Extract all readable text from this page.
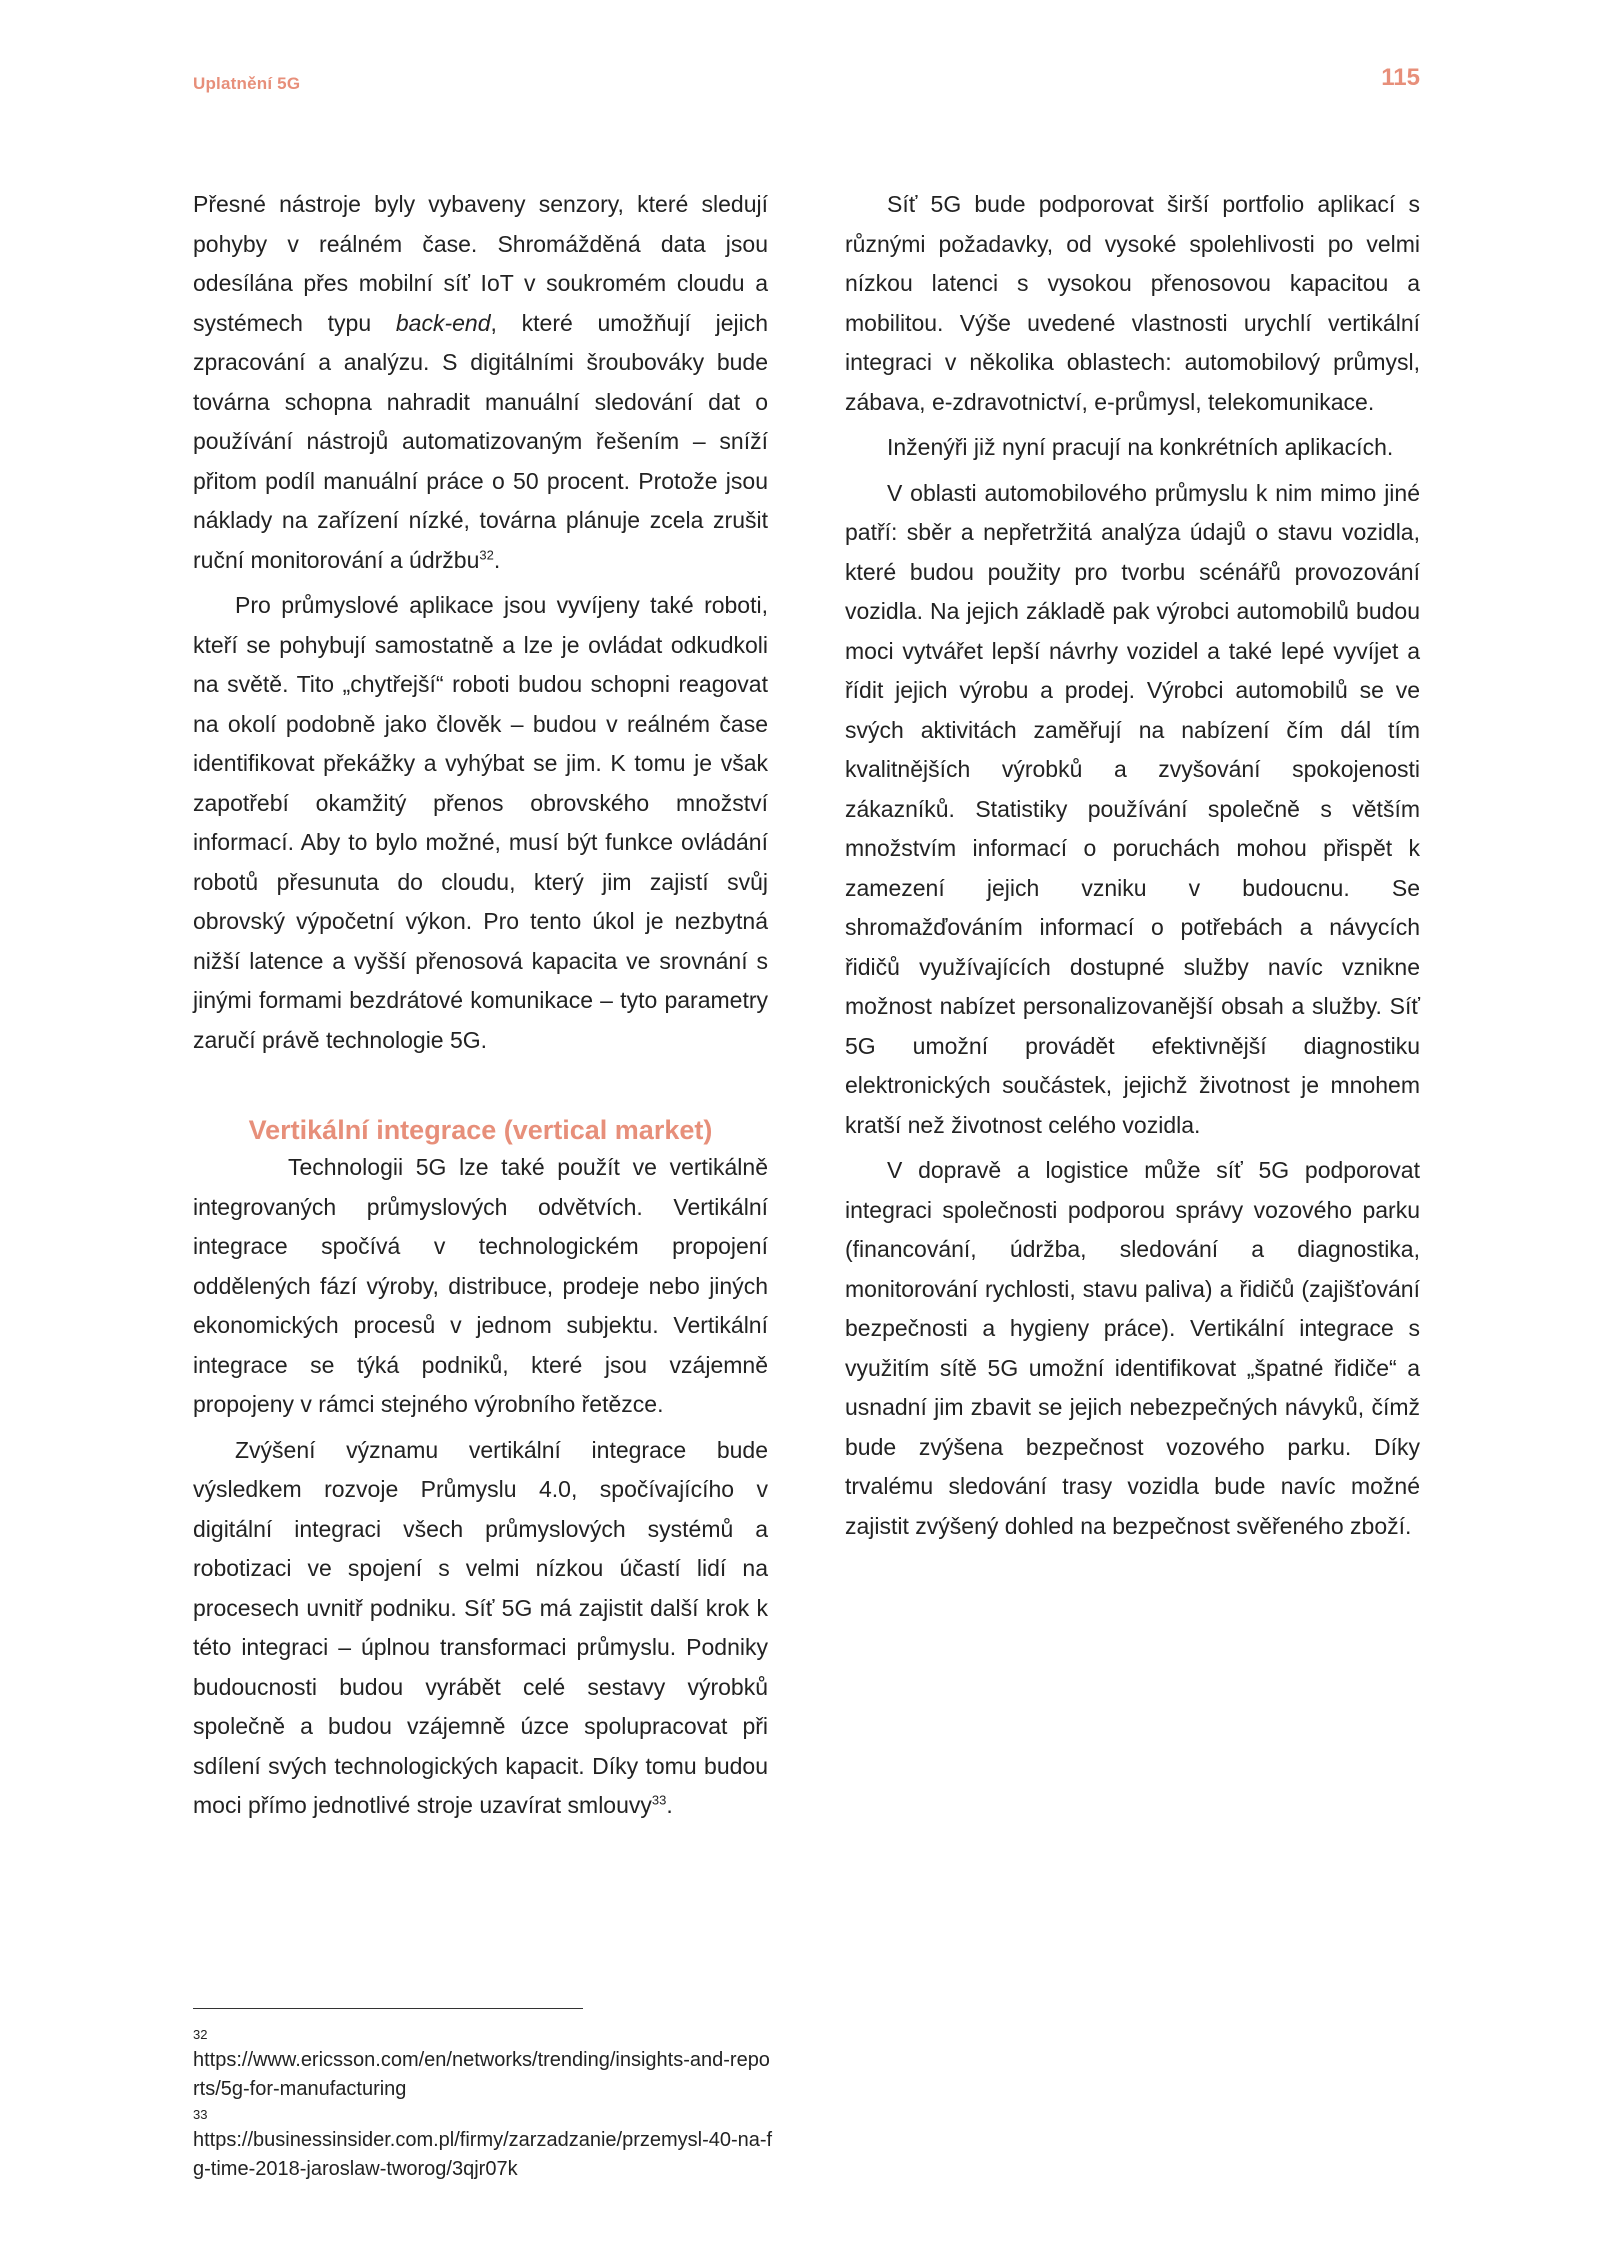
Uplatnění 5G	115

Přesné nástroje byly vybaveny senzory, které sledují pohyby v reálném čase. Shromážděná data jsou odesílána přes mobilní síť IoT v soukromém cloudu a systémech typu back-end, které umožňují jejich zpracování a analýzu. S digitálními šroubováky bude továrna schopna nahradit manuální sledování dat o používání nástrojů automatizovaným řešením – sníží přitom podíl manuální práce o 50 procent. Protože jsou náklady na zařízení nízké, továrna plánuje zcela zrušit ruční monitorování a údržbu$^{32}$.

Pro průmyslové aplikace jsou vyvíjeny také roboti, kteří se pohybují samostatně a lze je ovládat odkudkoli na světě. Tito „chytřejší“ roboti budou schopni reagovat na okolí podobně jako člověk – budou v reálném čase identifikovat překážky a vyhýbat se jim. K tomu je však zapotřebí okamžitý přenos obrovského množství informací. Aby to bylo možné, musí být funkce ovládání robotů přesunuta do cloudu, který jim zajistí svůj obrovský výpočetní výkon. Pro tento úkol je nezbytná nižší latence a vyšší přenosová kapacita ve srovnání s jinými formami bezdrátové komunikace – tyto parametry zaručí právě technologie 5G.

Vertikální integrace (vertical market)

Technologii 5G lze také použít ve vertikálně integrovaných průmyslových odvětvích. Vertikální integrace spočívá v technologickém propojení oddělených fází výroby, distribuce, prodeje nebo jiných ekonomických procesů v jednom subjektu. Vertikální integrace se týká podniků, které jsou vzájemně propojeny v rámci stejného výrobního řetězce.

Zvýšení významu vertikální integrace bude výsledkem rozvoje Průmyslu 4.0, spočívajícího v digitální integraci všech průmyslových systémů a robotizaci ve spojení s velmi nízkou účastí lidí na procesech uvnitř podniku. Síť 5G má zajistit další krok k této integraci – úplnou transformaci průmyslu. Podniky budoucnosti budou vyrábět celé sestavy výrobků společně a budou vzájemně úzce spolupracovat při sdílení svých technologických kapacit. Díky tomu budou moci přímo jednotlivé stroje uzavírat smlouvy$^{33}$.

Síť 5G bude podporovat širší portfolio aplikací s různými požadavky, od vysoké spolehlivosti po velmi nízkou latenci s vysokou přenosovou kapacitou a mobilitou. Výše uvedené vlastnosti urychlí vertikální integraci v několika oblastech: automobilový průmysl, zábava, e-zdravotnictví, e-průmysl, telekomunikace.

Inženýři již nyní pracují na konkrétních aplikacích.

V oblasti automobilového průmyslu k nim mimo jiné patří: sběr a nepřetržitá analýza údajů o stavu vozidla, které budou použity pro tvorbu scénářů provozování vozidla. Na jejich základě pak výrobci automobilů budou moci vytvářet lepší návrhy vozidel a také lepé vyvíjet a řídit jejich výrobu a prodej. Výrobci automobilů se ve svých aktivitách zaměřují na nabízení čím dál tím kvalitnějších výrobků a zvyšování spokojenosti zákazníků. Statistiky používání společně s větším množstvím informací o poruchách mohou přispět k zamezení jejich vzniku v budoucnu. Se shromažďováním informací o potřebách a návycích řidičů využívajících dostupné služby navíc vznikne možnost nabízet personalizovanější obsah a služby. Síť 5G umožní provádět efektivnější diagnostiku elektronických součástek, jejichž životnost je mnohem kratší než životnost celého vozidla.

V dopravě a logistice může síť 5G podporovat integraci společnosti podporou správy vozového parku (financování, údržba, sledování a diagnostika, monitorování rychlosti, stavu paliva) a řidičů (zajišťování bezpečnosti a hygieny práce). Vertikální integrace s využitím sítě 5G umožní identifikovat „špatné řidiče“ a usnadní jim zbavit se jejich nebezpečných návyků, čímž bude zvýšena bezpečnost vozového parku. Díky trvalému sledování trasy vozidla bude navíc možné zajistit zvýšený dohled na bezpečnost svěřeného zboží.

32
https://www.ericsson.com/en/networks/trending/insights-and-reports/5g-for-manufacturing
33
https://businessinsider.com.pl/firmy/zarzadzanie/przemysl-40-na-fg-time-2018-jaroslaw-tworog/3qjr07k
